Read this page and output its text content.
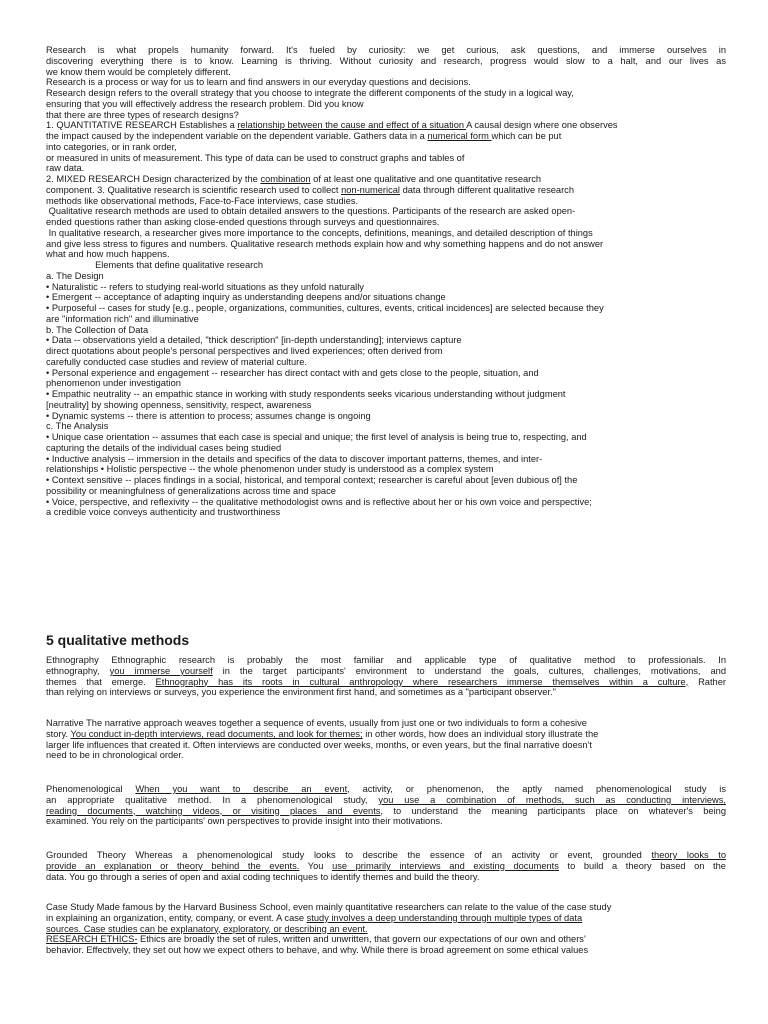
Research is what propels humanity forward. It's fueled by curiosity: we get curious, ask questions, and immerse ourselves in
discovering everything there is to know. Learning is thriving. Without curiosity and research, progress would slow to a halt, and our lives as
we know them would be completely different.
Research is a process or way for us to learn and find answers in our everyday questions and decisions.
Research design refers to the overall strategy that you choose to integrate the different components of the study in a logical way,
ensuring that you will effectively address the research problem. Did you know
that there are three types of research designs?
1. QUANTITATIVE RESEARCH Establishes a relationship between the cause and effect of a situation A causal design where one observes
the impact caused by the independent variable on the dependent variable. Gathers data in a numerical form which can be put
into categories, or in rank order,
or measured in units of measurement. This type of data can be used to construct graphs and tables of
raw data.
2. MIXED RESEARCH Design characterized by the combination of at least one qualitative and one quantitative research
component. 3. Qualitative research is scientific research used to collect non-numerical data through different qualitative research
methods like observational methods, Face-to-Face interviews, case studies.
Qualitative research methods are used to obtain detailed answers to the questions. Participants of the research are asked open-
ended questions rather than asking close-ended questions through surveys and questionnaires.
In qualitative research, a researcher gives more importance to the concepts, definitions, meanings, and detailed description of things
and give less stress to figures and numbers. Qualitative research methods explain how and why something happens and do not answer
what and how much happens.
Elements that define qualitative research
a. The Design
• Naturalistic -- refers to studying real-world situations as they unfold naturally
• Emergent -- acceptance of adapting inquiry as understanding deepens and/or situations change
• Purposeful -- cases for study [e.g., people, organizations, communities, cultures, events, critical incidences] are selected because they
are "information rich" and illuminative
b. The Collection of Data
• Data -- observations yield a detailed, "thick description" [in-depth understanding]; interviews capture
direct quotations about people's personal perspectives and lived experiences; often derived from
carefully conducted case studies and review of material culture.
• Personal experience and engagement -- researcher has direct contact with and gets close to the people, situation, and
phenomenon under investigation
• Empathic neutrality -- an empathic stance in working with study respondents seeks vicarious understanding without judgment
[neutrality] by showing openness, sensitivity, respect, awareness
• Dynamic systems -- there is attention to process; assumes change is ongoing
c. The Analysis
• Unique case orientation -- assumes that each case is special and unique; the first level of analysis is being true to, respecting, and
capturing the details of the individual cases being studied
• Inductive analysis -- immersion in the details and specifics of the data to discover important patterns, themes, and inter-
relationships • Holistic perspective -- the whole phenomenon under study is understood as a complex system
• Context sensitive -- places findings in a social, historical, and temporal context; researcher is careful about [even dubious of] the
possibility or meaningfulness of generalizations across time and space
• Voice, perspective, and reflexivity -- the qualitative methodologist owns and is reflective about her or his own voice and perspective;
a credible voice conveys authenticity and trustworthiness
5 qualitative methods
Ethnography Ethnographic research is probably the most familiar and applicable type of qualitative method to professionals. In
ethnography, you immerse yourself in the target participants' environment to understand the goals, cultures, challenges, motivations, and
themes that emerge. Ethnography has its roots in cultural anthropology where researchers immerse themselves within a culture, Rather
than relying on interviews or surveys, you experience the environment first hand, and sometimes as a "participant observer."
Narrative The narrative approach weaves together a sequence of events, usually from just one or two individuals to form a cohesive
story. You conduct in-depth interviews, read documents, and look for themes; in other words, how does an individual story illustrate the
larger life influences that created it. Often interviews are conducted over weeks, months, or even years, but the final narrative doesn't
need to be in chronological order.
Phenomenological When you want to describe an event, activity, or phenomenon, the aptly named phenomenological study is
an appropriate qualitative method. In a phenomenological study, you use a combination of methods, such as conducting interviews,
reading documents, watching videos, or visiting places and events, to understand the meaning participants place on whatever's being
examined. You rely on the participants' own perspectives to provide insight into their motivations.
Grounded Theory Whereas a phenomenological study looks to describe the essence of an activity or event, grounded theory looks to
provide an explanation or theory behind the events. You use primarily interviews and existing documents to build a theory based on the
data. You go through a series of open and axial coding techniques to identify themes and build the theory.
Case Study Made famous by the Harvard Business School, even mainly quantitative researchers can relate to the value of the case study
in explaining an organization, entity, company, or event. A case study involves a deep understanding through multiple types of data
sources. Case studies can be explanatory, exploratory, or describing an event.
RESEARCH ETHICS- Ethics are broadly the set of rules, written and unwritten, that govern our expectations of our own and others'
behavior. Effectively, they set out how we expect others to behave, and why. While there is broad agreement on some ethical values
